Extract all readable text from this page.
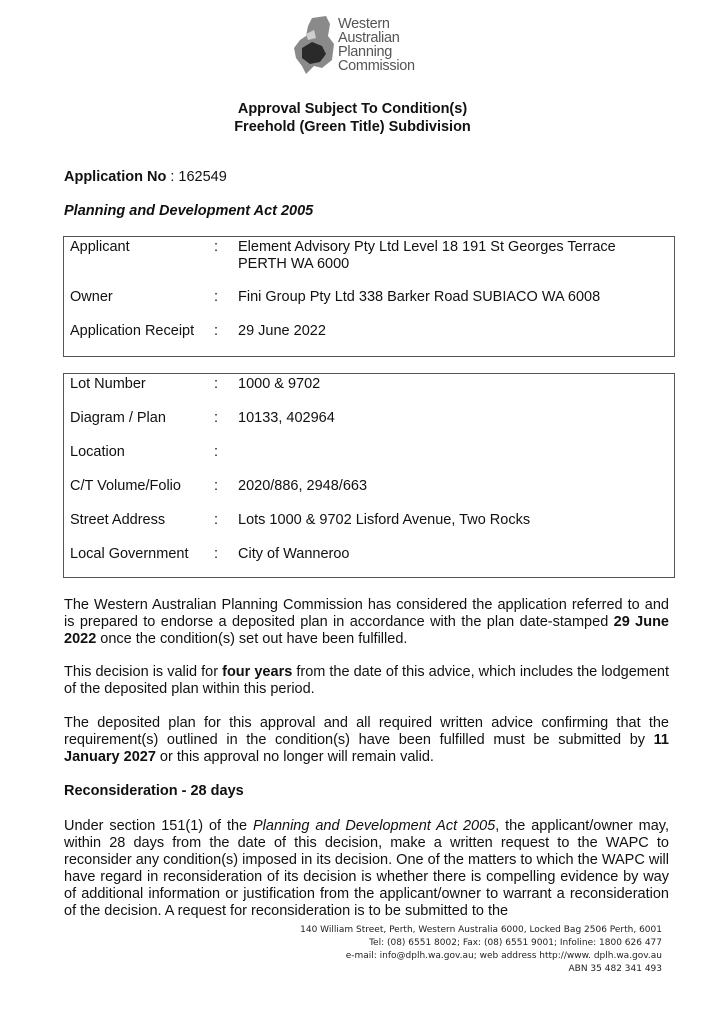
Western
Australian
Planning
Commission
Approval Subject To Condition(s)
Freehold (Green Title) Subdivision
Application No : 162549
Planning and Development Act 2005
Applicant	: Element Advisory Pty Ltd Level 18 191 St Georges Terrace PERTH WA 6000
Owner	: Fini Group Pty Ltd 338 Barker Road SUBIACO WA 6008
Application Receipt : 29 June 2022
Lot Number	: 1000 & 9702
Diagram / Plan	: 10133, 402964
Location	:
C/T Volume/Folio : 2020/886, 2948/663
Street Address	: Lots 1000 & 9702 Lisford Avenue, Two Rocks
Local Government : City of Wanneroo
The Western Australian Planning Commission has considered the application referred to and is prepared to endorse a deposited plan in accordance with the plan date-stamped 29 June 2022 once the condition(s) set out have been fulfilled.
This decision is valid for four years from the date of this advice, which includes the lodgement of the deposited plan within this period.
The deposited plan for this approval and all required written advice confirming that the requirement(s) outlined in the condition(s) have been fulfilled must be submitted by 11 January 2027 or this approval no longer will remain valid.
Reconsideration - 28 days
Under section 151(1) of the Planning and Development Act 2005, the applicant/owner may, within 28 days from the date of this decision, make a written request to the WAPC to reconsider any condition(s) imposed in its decision. One of the matters to which the WAPC will have regard in reconsideration of its decision is whether there is compelling evidence by way of additional information or justification from the applicant/owner to warrant a reconsideration of the decision. A request for reconsideration is to be submitted to the
140 William Street, Perth, Western Australia 6000, Locked Bag 2506 Perth, 6001
Tel: (08) 6551 8002; Fax: (08) 6551 9001; Infoline: 1800 626 477
e-mail: info@dplh.wa.gov.au; web address http://www. dplh.wa.gov.au
ABN 35 482 341 493
